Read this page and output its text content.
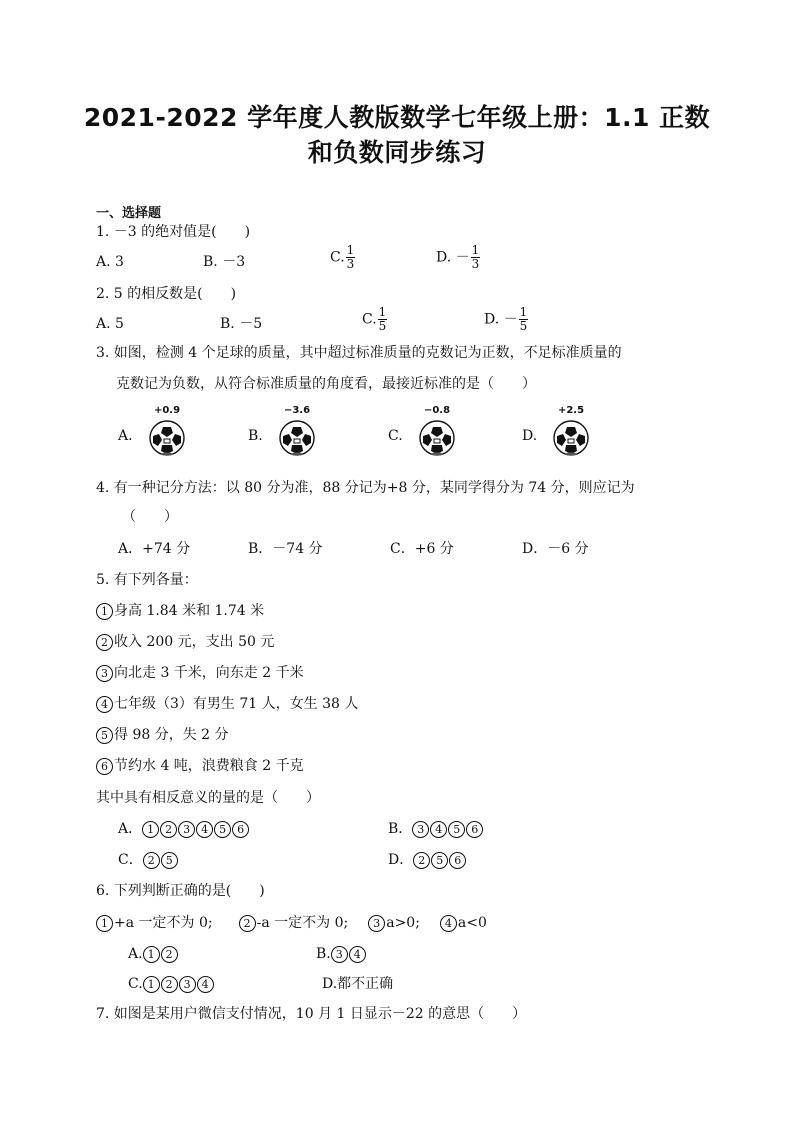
2021-2022 学年度人教版数学七年级上册：1.1 正数
和负数同步练习
一、选择题
1. －3 的绝对值是(　　)
A. 3	B. －3	C. $\frac{1}{3}$	D. － $\frac{1}{3}$
2. 5 的相反数是(　　)
A. 5	B. －5	C. $\frac{1}{5}$	D. － $\frac{1}{5}$
3. 如图，检测 4 个足球的质量，其中超过标准质量的克数记为正数，不足标准质量的
克数记为负数，从符合标准质量的角度看，最接近标准的是（　　）
A.
+0.9
B.
−3.6
C.
−0.8
D.
+2.5
4. 有一种记分方法：以 80 分为准，88 分记为+8 分，某同学得分为 74 分，则应记为
（　　）
A．+74 分	B．－74 分	C．+6 分	D．－6 分
5. 有下列各量：
1 身高 1.84 米和 1.74 米
2 收入 200 元，支出 50 元
3 向北走 3 千米，向东走 2 千米
4 七年级（3）有男生 71 人，女生 38 人
5 得 98 分，失 2 分
6 节约水 4 吨，浪费粮食 2 千克
其中具有相反意义的量的是（　　）
A． 1 2 3 4 5 6	B． 3 4 5 6
C． 2 5	D． 2 5 6
6. 下列判断正确的是(　　)
1 +a 一定不为 0;	2 -a 一定不为 0; 3 a>0; 4 a<0
A. 1 2	B. 3 4
C. 1 2 3 4	D.都不正确
7. 如图是某用户微信支付情况，10 月 1 日显示－22 的意思（　　）
